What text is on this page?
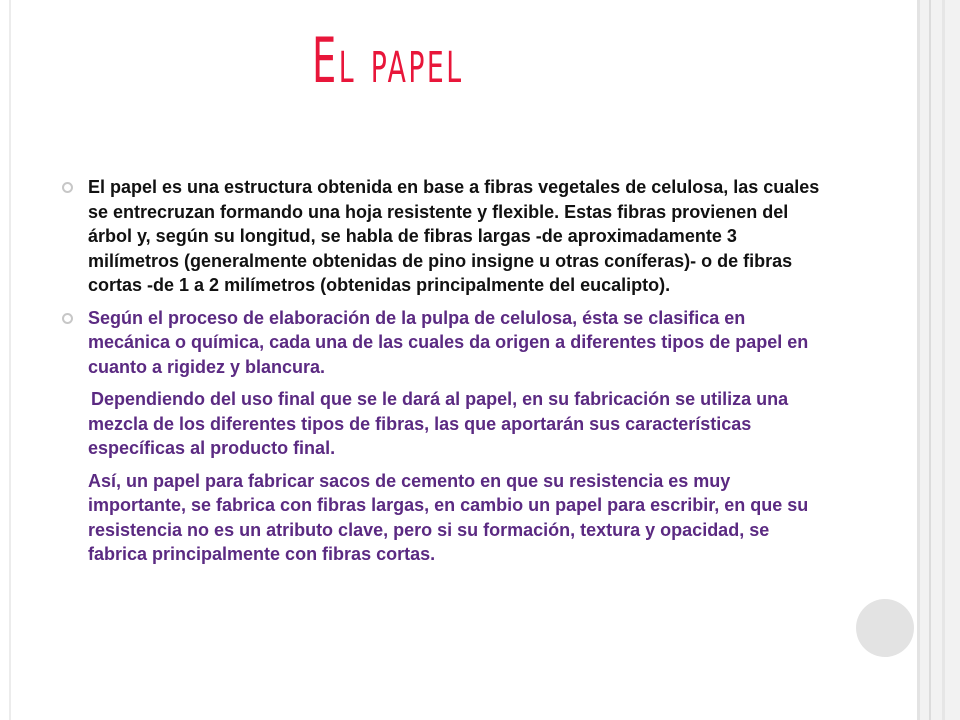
El papel
El papel es una estructura obtenida en base a fibras vegetales de celulosa, las cuales se entrecruzan formando una hoja resistente y flexible. Estas fibras provienen del árbol y, según su longitud, se habla de fibras largas -de aproximadamente 3 milímetros (generalmente obtenidas de pino insigne u otras coníferas)- o de fibras cortas -de 1 a 2 milímetros (obtenidas principalmente del eucalipto).
Según el proceso de elaboración de la pulpa de celulosa, ésta se clasifica en mecánica o química, cada una de las cuales da origen a diferentes tipos de papel en cuanto a rigidez y blancura.
Dependiendo del uso final que se le dará al papel, en su fabricación se utiliza una mezcla de los diferentes tipos de fibras, las que aportarán sus características específicas al producto final.
Así, un papel para fabricar sacos de cemento en que su resistencia es muy importante, se fabrica con fibras largas, en cambio un papel para escribir, en que su resistencia no es un atributo clave, pero si su formación, textura y opacidad, se fabrica principalmente con fibras cortas.
